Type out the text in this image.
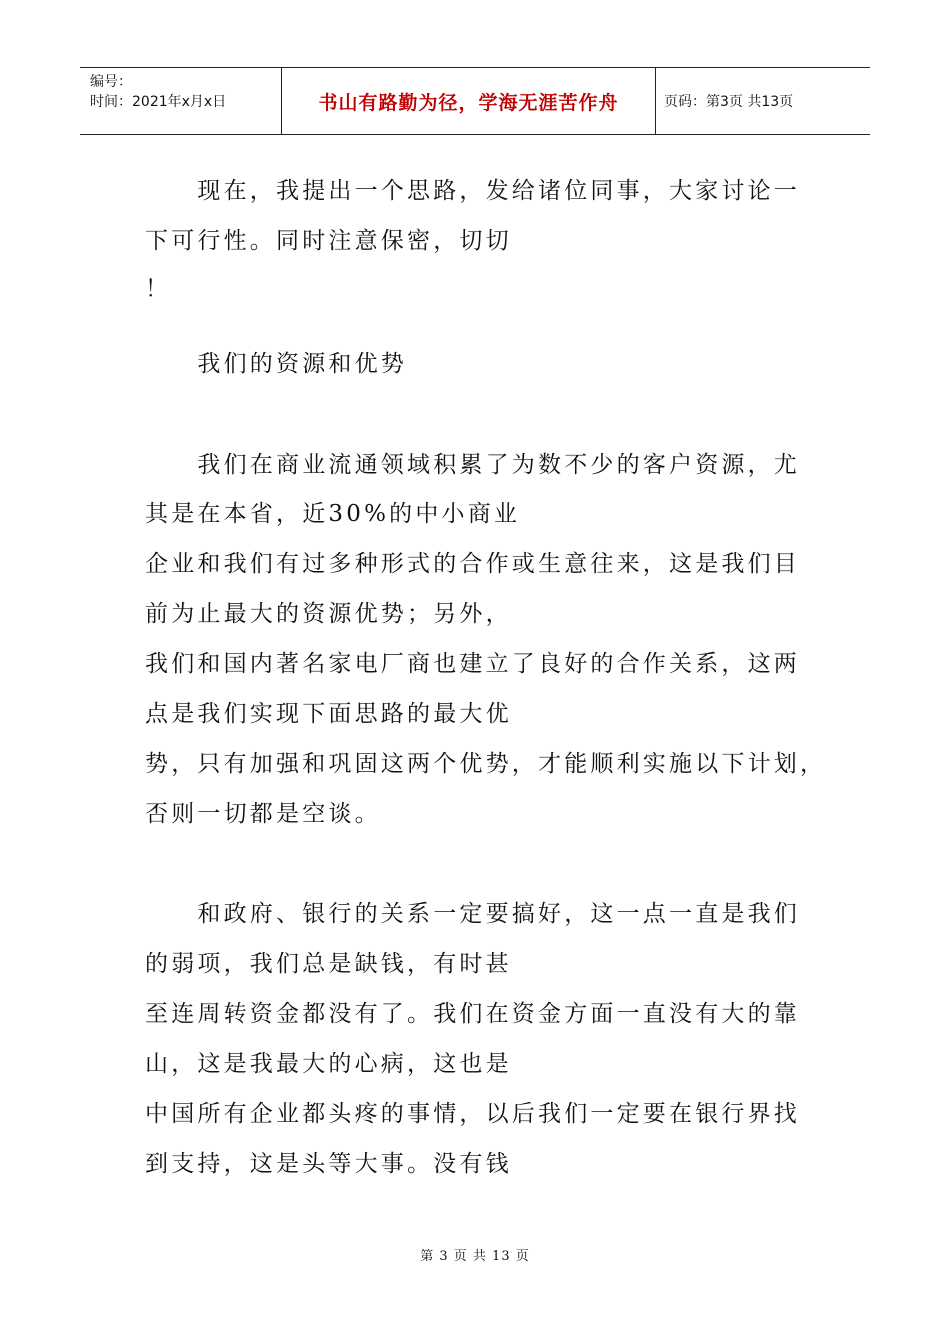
编号：
时间：2021年x月x日	书山有路勤为径，学海无涯苦作舟	页码：第3页 共13页
　　现在，我提出一个思路，发给诸位同事，大家讨论一
下可行性。同时注意保密，切切
！
　　我们的资源和优势
　　我们在商业流通领域积累了为数不少的客户资源，尤
其是在本省，近30%的中小商业
企业和我们有过多种形式的合作或生意往来，这是我们目
前为止最大的资源优势；另外，
我们和国内著名家电厂商也建立了良好的合作关系，这两
点是我们实现下面思路的最大优
势，只有加强和巩固这两个优势，才能顺利实施以下计划，
否则一切都是空谈。
　　和政府、银行的关系一定要搞好，这一点一直是我们
的弱项，我们总是缺钱，有时甚
至连周转资金都没有了。我们在资金方面一直没有大的靠
山，这是我最大的心病，这也是
中国所有企业都头疼的事情，以后我们一定要在银行界找
到支持，这是头等大事。没有钱
第 3 页 共 13 页
